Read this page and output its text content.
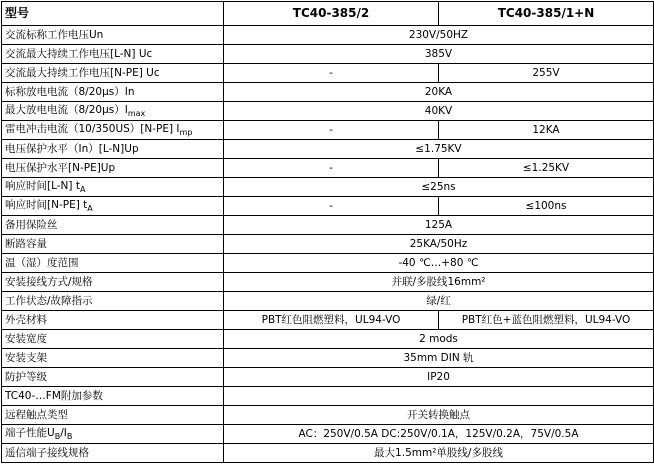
型号	TC40-385/2	TC40-385/1+N
交流标称工作电压Un	230V/50HZ	
交流最大持续工作电压[L-N] Uc	385V	
交流最大持续工作电压[N-PE] Uc	-	255V
标称放电电流（8/20μs）In	20KA	
最大放电电流$(8/20\mu s)I_{max}$	40KV	
雷电冲击电流（10/350US）[N-PE] $I_{mp}$	-	12KA
电压保护水平（In）[L-N]Up	≤1.75KV	
电压保护水平[N-PE]Up	-	≤1.25KV
响应时间[L-N] $t_A$	≤25ns	
响应时间[N-PE] $t_A$	-	≤100ns
备用保险丝	125A	
断路容量	25KA/50Hz	
温（湿）度范围	-40 ℃…+80 ℃	
安装接线方式/规格	并联/多股线16mm²	
工作状态/故障指示	绿/红	
外壳材料	PBT红色阻燃塑料，UL94-VO	PBT红色+蓝色阻燃塑料，UL94-VO
安装宽度	2 mods	
安装支架	35mm DIN 轨	
防护等级	IP20	
TC40-…FM附加参数		
远程触点类型	开关转换触点	
端子性能$U_B/I_B$	AC：250V/0.5A DC:250V/0.1A，125V/0.2A，75V/0.5A	
遥信端子接线规格	最大1.5mm²单股线/多股线	
